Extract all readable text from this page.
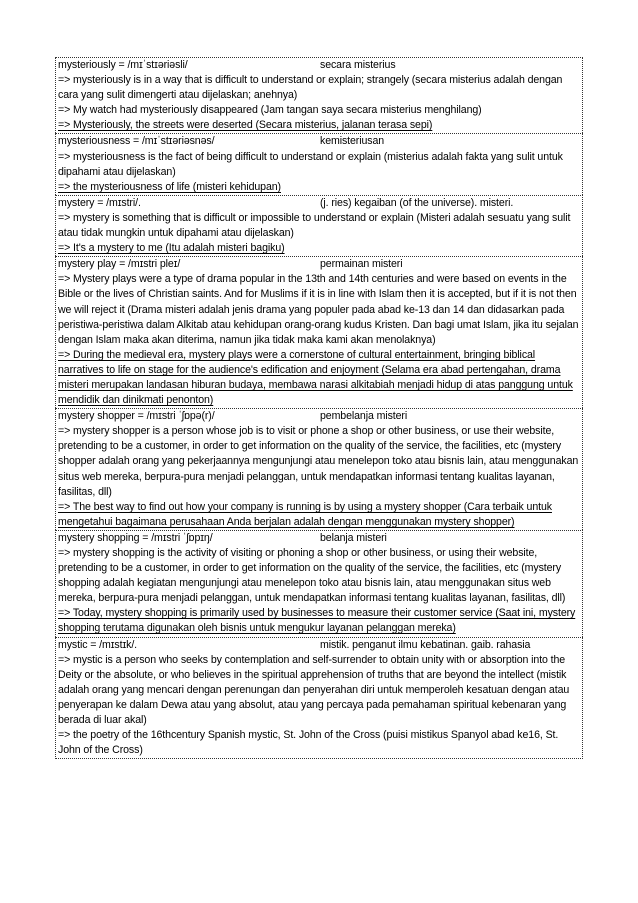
mysteriously = /mɪˈstɪəriəsli/	secara misterius
=> mysteriously is in a way that is difficult to understand or explain; strangely (secara misterius adalah dengan cara yang sulit dimengerti atau dijelaskan; anehnya)
=> My watch had mysteriously disappeared (Jam tangan saya secara misterius menghilang)
=> Mysteriously, the streets were deserted (Secara misterius, jalanan terasa sepi)
mysteriousness = /mɪˈstɪəriəsnəs/	kemisteriusan
=> mysteriousness is the fact of being difficult to understand or explain (misterius adalah fakta yang sulit untuk dipahami atau dijelaskan)
=> the mysteriousness of life (misteri kehidupan)
mystery = /mɪstri/.	(j. ries) kegaiban (of the universe). misteri.
=> mystery is something that is difficult or impossible to understand or explain (Misteri adalah sesuatu yang sulit atau tidak mungkin untuk dipahami atau dijelaskan)
=> It's a mystery to me (Itu adalah misteri bagiku)
mystery play = /mɪstri pleɪ/	permainan misteri
=> Mystery plays were a type of drama popular in the 13th and 14th centuries and were based on events in the Bible or the lives of Christian saints. And for Muslims if it is in line with Islam then it is accepted, but if it is not then we will reject it (Drama misteri adalah jenis drama yang populer pada abad ke-13 dan 14 dan didasarkan pada peristiwa-peristiwa dalam Alkitab atau kehidupan orang-orang kudus Kristen. Dan bagi umat Islam, jika itu sejalan dengan Islam maka akan diterima, namun jika tidak maka kami akan menolaknya)
=> During the medieval era, mystery plays were a cornerstone of cultural entertainment, bringing biblical narratives to life on stage for the audience's edification and enjoyment (Selama era abad pertengahan, drama misteri merupakan landasan hiburan budaya, membawa narasi alkitabiah menjadi hidup di atas panggung untuk mendidik dan dinikmati penonton)
mystery shopper = /mɪstri ˈʃɒpə(r)/	pembelanja misteri
=> mystery shopper is a person whose job is to visit or phone a shop or other business, or use their website, pretending to be a customer, in order to get information on the quality of the service, the facilities, etc (mystery shopper adalah orang yang pekerjaannya mengunjungi atau menelepon toko atau bisnis lain, atau menggunakan situs web mereka, berpura-pura menjadi pelanggan, untuk mendapatkan informasi tentang kualitas layanan, fasilitas, dll)
=> The best way to find out how your company is running is by using a mystery shopper (Cara terbaik untuk mengetahui bagaimana perusahaan Anda berjalan adalah dengan menggunakan mystery shopper)
mystery shopping = /mɪstri ˈʃɒpɪŋ/	belanja misteri
=> mystery shopping is the activity of visiting or phoning a shop or other business, or using their website, pretending to be a customer, in order to get information on the quality of the service, the facilities, etc (mystery shopping adalah kegiatan mengunjungi atau menelepon toko atau bisnis lain, atau menggunakan situs web mereka, berpura-pura menjadi pelanggan, untuk mendapatkan informasi tentang kualitas layanan, fasilitas, dll)
=> Today, mystery shopping is primarily used by businesses to measure their customer service (Saat ini, mystery shopping terutama digunakan oleh bisnis untuk mengukur layanan pelanggan mereka)
mystic = /mɪstɪk/.	mistik. penganut ilmu kebatinan. gaib. rahasia
=> mystic is a person who seeks by contemplation and self-surrender to obtain unity with or absorption into the Deity or the absolute, or who believes in the spiritual apprehension of truths that are beyond the intellect (mistik adalah orang yang mencari dengan perenungan dan penyerahan diri untuk memperoleh kesatuan dengan atau penyerapan ke dalam Dewa atau yang absolut, atau yang percaya pada pemahaman spiritual kebenaran yang berada di luar akal)
=> the poetry of the 16thcentury Spanish mystic, St. John of the Cross (puisi mistikus Spanyol abad ke16, St. John of the Cross)
